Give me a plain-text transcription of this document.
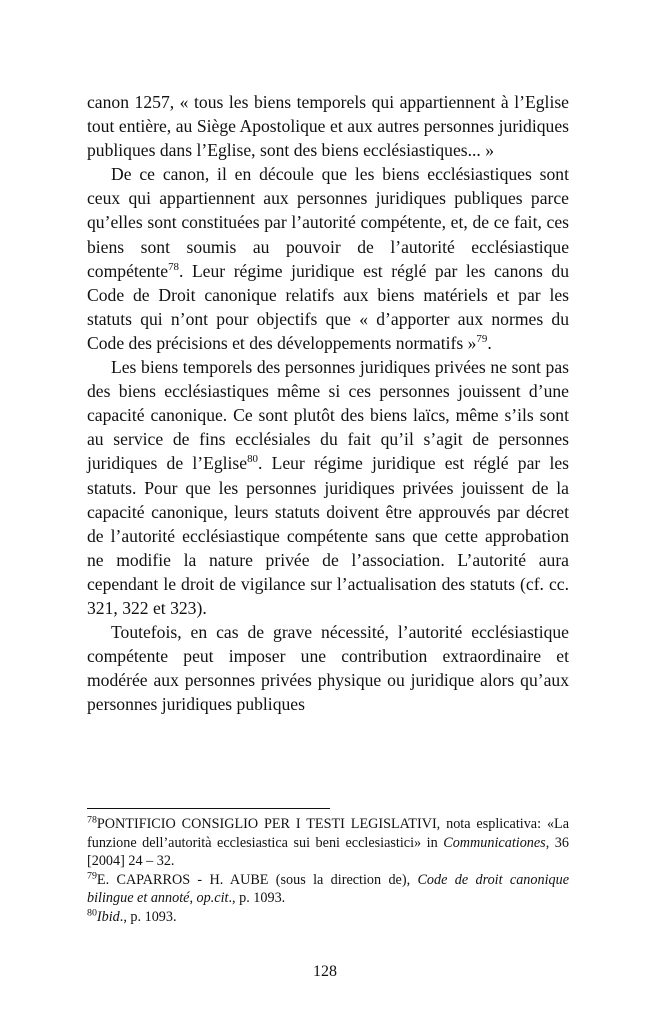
canon 1257, « tous les biens temporels qui appartiennent à l’Eglise tout entière, au Siège Apostolique et aux autres personnes juridiques publiques dans l’Eglise, sont des biens ecclésiastiques... »

De ce canon, il en découle que les biens ecclésiastiques sont ceux qui appartiennent aux personnes juridiques publiques parce qu’elles sont constituées par l’autorité compétente, et, de ce fait, ces biens sont soumis au pouvoir de l’autorité ecclésiastique compétente$^{78}$. Leur régime juridique est réglé par les canons du Code de Droit canonique relatifs aux biens matériels et par les statuts qui n’ont pour objectifs que « d’apporter aux normes du Code des précisions et des développements normatifs »$^{79}$.

Les biens temporels des personnes juridiques privées ne sont pas des biens ecclésiastiques même si ces personnes jouissent d’une capacité canonique. Ce sont plutôt des biens laïcs, même s’ils sont au service de fins ecclésiales du fait qu’il s’agit de personnes juridiques de l’Eglise$^{80}$. Leur régime juridique est réglé par les statuts. Pour que les personnes juridiques privées jouissent de la capacité canonique, leurs statuts doivent être approuvés par décret de l’autorité ecclésiastique compétente sans que cette approbation ne modifie la nature privée de l’association. L’autorité aura cependant le droit de vigilance sur l’actualisation des statuts (cf. cc. 321, 322 et 323).

Toutefois, en cas de grave nécessité, l’autorité ecclésiastique compétente peut imposer une contribution extraordinaire et modérée aux personnes privées physique ou juridique alors qu’aux personnes juridiques publiques

$^{78}$PONTIFICIO CONSIGLIO PER I TESTI LEGISLATIVI, nota esplicativa: «La funzione dell’autorità ecclesiastica sui beni ecclesiastici» in Communicationes, 36 [2004] 24 – 32.

$^{79}$E. CAPARROS - H. AUBE (sous la direction de), Code de droit canonique bilingue et annoté, op.cit., p. 1093.

$^{80}$Ibid., p. 1093.

128
